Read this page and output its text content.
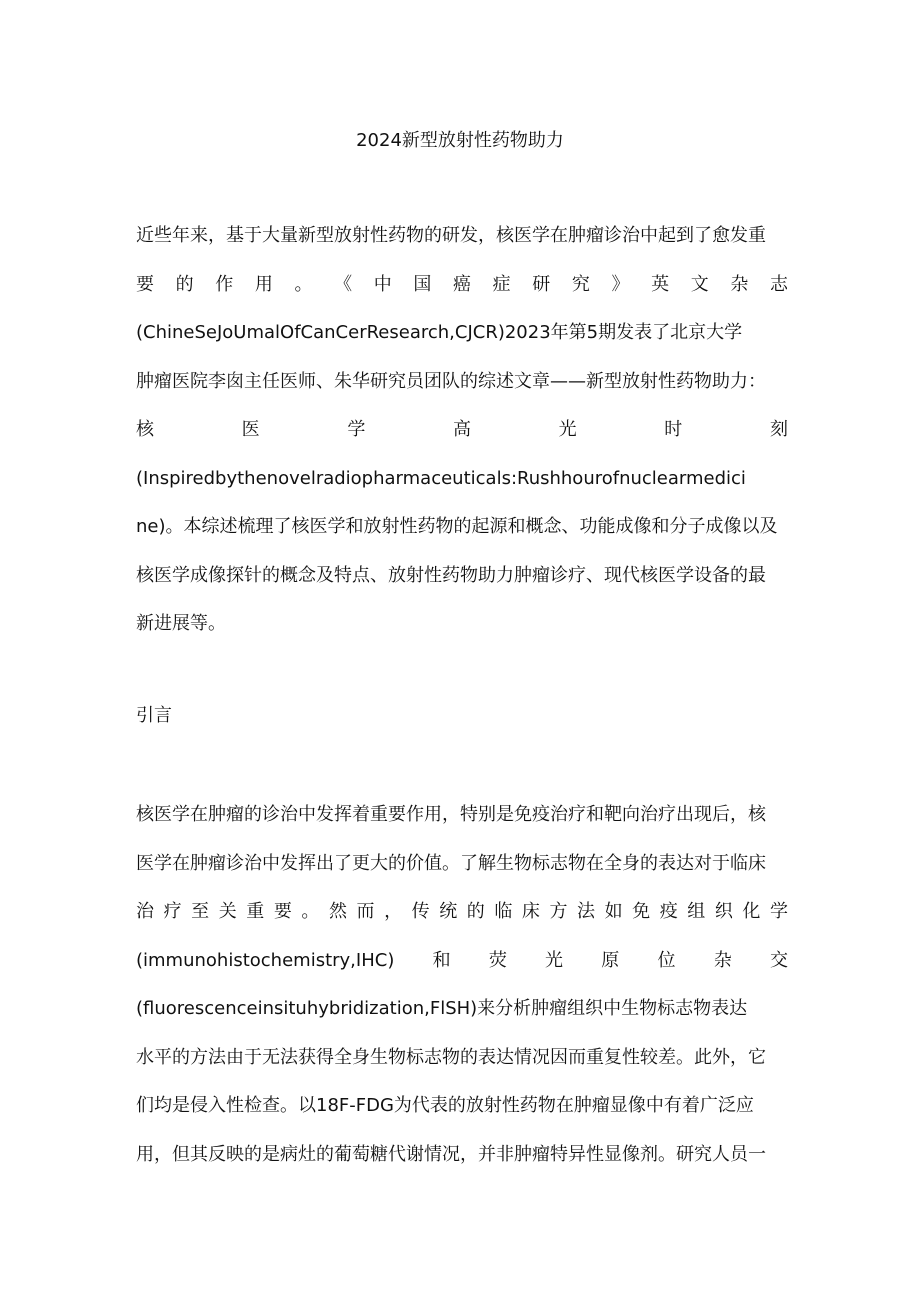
2024新型放射性药物助力
近些年来，基于大量新型放射性药物的研发，核医学在肿瘤诊治中起到了愈发重
要 的 作 用 。 《 中 国 癌 症 研 究 》 英 文 杂 志
(ChineSeJoUmalOfCanCerResearch,CJCR)2023年第5期发表了北京大学
肿瘤医院李囱主任医师、朱华研究员团队的综述文章——新型放射性药物助力：
核	医	学	高	光	时	刻
(Inspiredbythenovelradiopharmaceuticals:Rushhourofnuclearmedici
ne)。本综述梳理了核医学和放射性药物的起源和概念、功能成像和分子成像以及
核医学成像探针的概念及特点、放射性药物助力肿瘤诊疗、现代核医学设备的最
新进展等。
引言
核医学在肿瘤的诊治中发挥着重要作用，特别是免疫治疗和靶向治疗出现后，核
医学在肿瘤诊治中发挥出了更大的价值。了解生物标志物在全身的表达对于临床
治 疗 至 关 重 要 。 然 而 ， 传 统 的 临 床 方 法 如 免 疫 组 织 化 学
(immunohistochemistry,IHC) 和 荧 光 原 位 杂 交
(fluorescenceinsituhybridization,FlSH)来分析肿瘤组织中生物标志物表达
水平的方法由于无法获得全身生物标志物的表达情况因而重复性较差。此外，它
们均是侵入性检查。以18F-FDG为代表的放射性药物在肿瘤显像中有着广泛应
用，但其反映的是病灶的葡萄糖代谢情况，并非肿瘤特异性显像剂。研究人员一
